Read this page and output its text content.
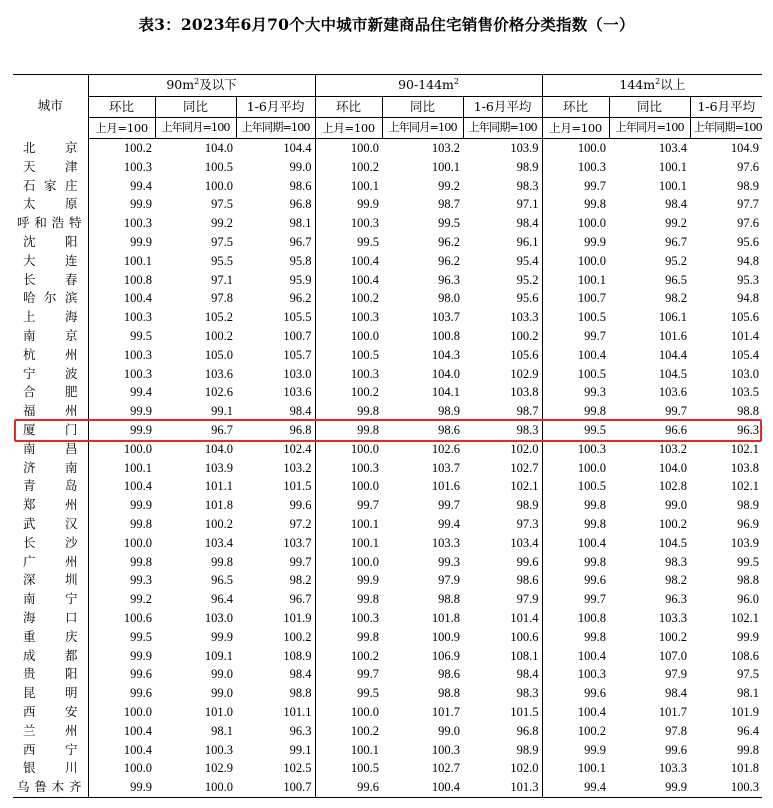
表3：2023年6月70个大中城市新建商品住宅销售价格分类指数（一）
城市	$90m^2$及以下			$90-144m^2$			$144m^2$以上		
	环比	同比	1-6月平均	环比	同比	1-6月平均	环比	同比	1-6月平均
	上月=100	上年同月=100	上年同期=100	上月=100	上年同月=100	上年同期=100	上月=100	上年同月=100	上年同期=100
北京	100.2	104.0	104.4	100.0	103.2	103.9	100.0	103.4	104.9
天津	100.3	100.5	99.0	100.2	100.1	98.9	100.3	100.1	97.6
石家庄	99.4	100.0	98.6	100.1	99.2	98.3	99.7	100.1	98.9
太原	99.9	97.5	96.8	99.9	98.7	97.1	99.8	98.4	97.7
呼和浩特	100.3	99.2	98.1	100.3	99.5	98.4	100.0	99.2	97.6
沈阳	99.9	97.5	96.7	99.5	96.2	96.1	99.9	96.7	95.6
大连	100.1	95.5	95.8	100.4	96.2	95.4	100.0	95.2	94.8
长春	100.8	97.1	95.9	100.4	96.3	95.2	100.1	96.5	95.3
哈尔滨	100.4	97.8	96.2	100.2	98.0	95.6	100.7	98.2	94.8
上海	100.3	105.2	105.5	100.3	103.7	103.3	100.5	106.1	105.6
南京	99.5	100.2	100.7	100.0	100.8	100.2	99.7	101.6	101.4
杭州	100.3	105.0	105.7	100.5	104.3	105.6	100.4	104.4	105.4
宁波	100.3	103.6	103.0	100.3	104.0	102.9	100.5	104.5	103.0
合肥	99.4	102.6	103.6	100.2	104.1	103.8	99.3	103.6	103.5
福州	99.9	99.1	98.4	99.8	98.9	98.7	99.8	99.7	98.8
厦门	99.9	96.7	96.8	99.8	98.6	98.3	99.5	96.6	96.3
南昌	100.0	104.0	102.4	100.0	102.6	102.0	100.3	103.2	102.1
济南	100.1	103.9	103.2	100.3	103.7	102.7	100.0	104.0	103.8
青岛	100.4	101.1	101.5	100.0	101.6	102.1	100.5	102.8	102.1
郑州	99.9	101.8	99.6	99.7	99.7	98.9	99.8	99.0	98.9
武汉	99.8	100.2	97.2	100.1	99.4	97.3	99.8	100.2	96.9
长沙	100.0	103.4	103.7	100.1	103.3	103.4	100.4	104.5	103.9
广州	99.8	99.8	99.7	100.0	99.3	99.6	99.8	98.3	99.5
深圳	99.3	96.5	98.2	99.9	97.9	98.6	99.6	98.2	98.8
南宁	99.2	96.4	96.7	99.8	98.8	97.9	99.7	96.3	96.0
海口	100.6	103.0	101.9	100.3	101.8	101.4	100.8	103.3	102.1
重庆	99.5	99.9	100.2	99.8	100.9	100.6	99.8	100.2	99.9
成都	99.9	109.1	108.9	100.2	106.9	108.1	100.4	107.0	108.6
贵阳	99.6	99.0	98.4	99.7	98.6	98.4	100.3	97.9	97.5
昆明	99.6	99.0	98.8	99.5	98.8	98.3	99.6	98.4	98.1
西安	100.0	101.0	101.1	100.0	101.7	101.5	100.4	101.7	101.9
兰州	100.4	98.1	96.3	100.2	99.0	96.8	100.2	97.8	96.4
西宁	100.4	100.3	99.1	100.1	100.3	98.9	99.9	99.6	99.8
银川	100.0	102.9	102.5	100.5	102.7	102.0	100.1	103.3	101.8
乌鲁木齐	99.9	100.0	100.7	99.6	100.4	101.3	99.4	99.9	100.3
